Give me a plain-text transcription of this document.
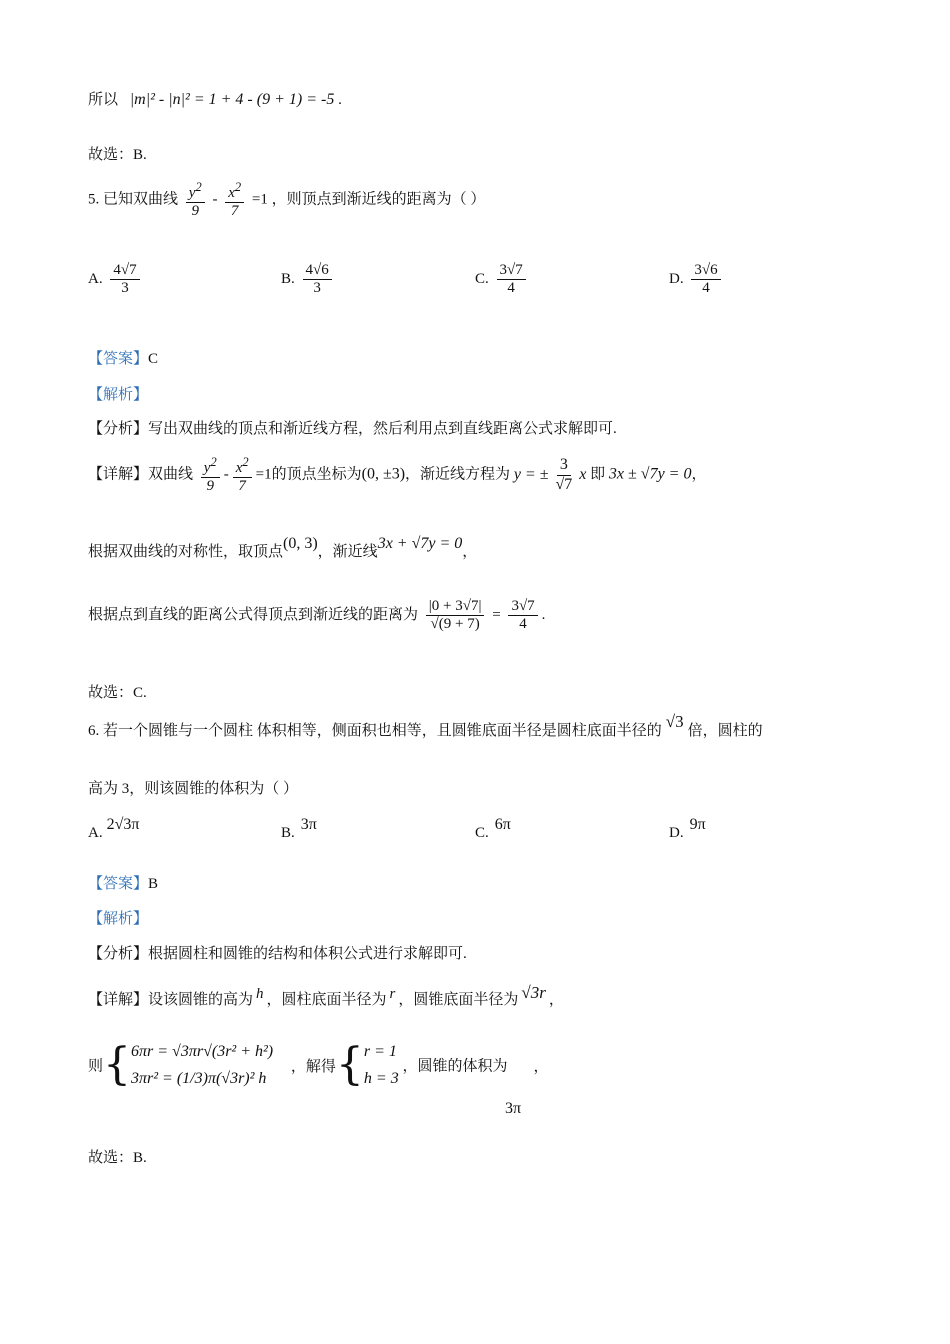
所以 |m|² - |n|² = 1 + 4 - (9 + 1) = -5 .
故选：B.
5. 已知双曲线 $\frac{y^2}{9} - \frac{x^2}{7} =1$ ，则顶点到渐近线的距离为（ ）
A. $\frac{4√7}{3}$	B. $\frac{4√6}{3}$	C. $\frac{3√7}{4}$	D. $\frac{3√6}{4}$
【答案】C
【解析】
【分析】写出双曲线的顶点和渐近线方程，然后利用点到直线距离公式求解即可.
【详解】双曲线 $\frac{y^2}{9} - \frac{x^2}{7} =1$的顶点坐标为(0, ±3)，渐近线方程为 y = ± $\frac{3}{√7}$ x 即 3x ± √7y = 0，
根据双曲线的对称性，取顶点(0, 3)，渐近线3x + √7y = 0，
根据点到直线的距离公式得顶点到渐近线的距离为 $\frac{|0 + 3√7|}{√(9 + 7)} = \frac{3√7}{4}$ .
故选：C.
6. 若一个圆锥与一个圆柱 体积相等，侧面积也相等，且圆锥底面半径是圆柱底面半径的 √3 倍，圆柱的
高为 3，则该圆锥的体积为（ ）
A. 2√3π	B. 3π	C. 6π	D. 9π
【答案】B
【解析】
【分析】根据圆柱和圆锥的结构和体积公式进行求解即可.
【详解】设该圆锥的高为 h ，圆柱底面半径为 r ，圆锥底面半径为 √3r ，
则{ 6πr = √3πr√(3r² + h²)
3πr² = (1/3)π(√3r)² h
，解得{ r = 1
h = 3
，圆锥的体积为 ，
3π
故选：B.
